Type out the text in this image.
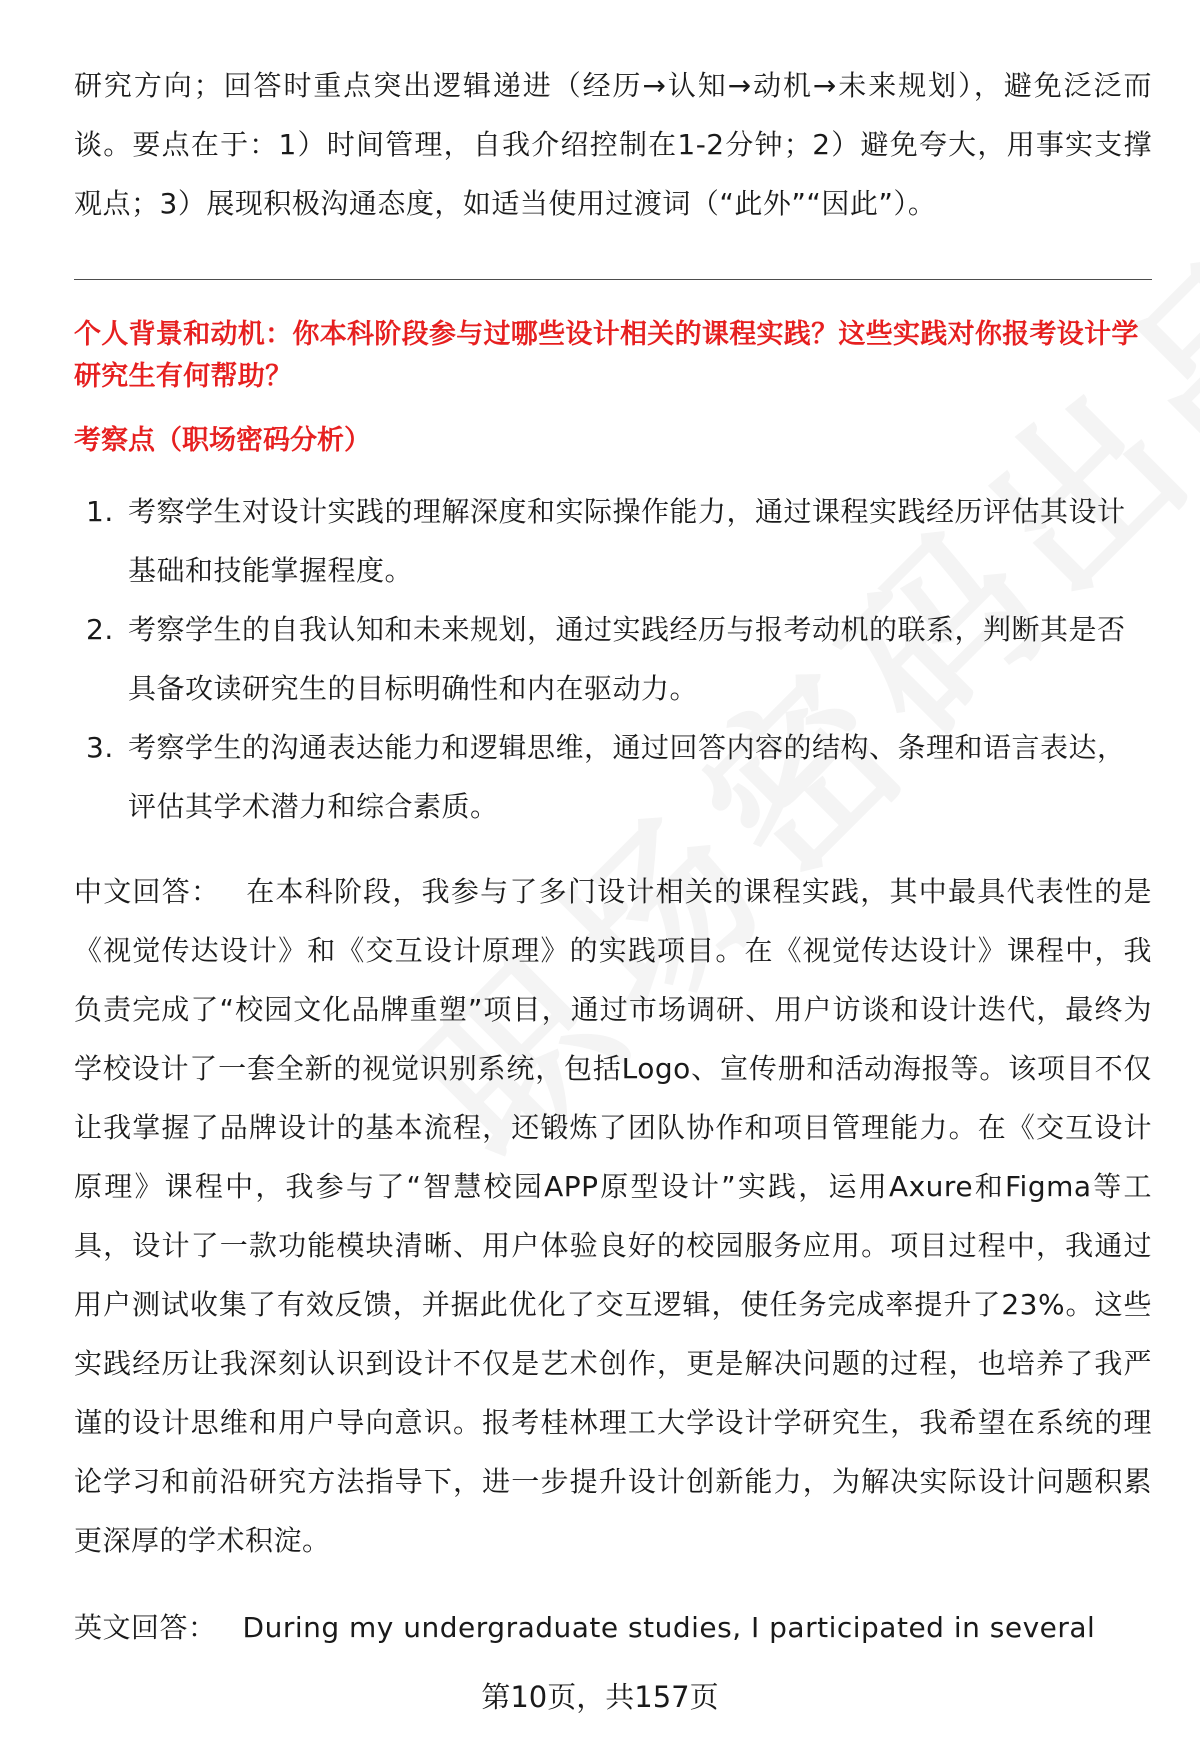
研究方向；回答时重点突出逻辑递进（经历→认知→动机→未来规划），避免泛泛而谈。要点在于：1）时间管理，自我介绍控制在1-2分钟；2）避免夸大，用事实支撑观点；3）展现积极沟通态度，如适当使用过渡词（“此外”“因此”）。

个人背景和动机：你本科阶段参与过哪些设计相关的课程实践？这些实践对你报考设计学研究生有何帮助？

考察点（职场密码分析）

1. 考察学生对设计实践的理解深度和实际操作能力，通过课程实践经历评估其设计基础和技能掌握程度。
2. 考察学生的自我认知和未来规划，通过实践经历与报考动机的联系，判断其是否具备攻读研究生的目标明确性和内在驱动力。
3. 考察学生的沟通表达能力和逻辑思维，通过回答内容的结构、条理和语言表达，评估其学术潜力和综合素质。

中文回答： 在本科阶段，我参与了多门设计相关的课程实践，其中最具代表性的是《视觉传达设计》和《交互设计原理》的实践项目。在《视觉传达设计》课程中，我负责完成了“校园文化品牌重塑”项目，通过市场调研、用户访谈和设计迭代，最终为学校设计了一套全新的视觉识别系统，包括Logo、宣传册和活动海报等。该项目不仅让我掌握了品牌设计的基本流程，还锻炼了团队协作和项目管理能力。在《交互设计原理》课程中，我参与了“智慧校园APP原型设计”实践，运用Axure和Figma等工具，设计了一款功能模块清晰、用户体验良好的校园服务应用。项目过程中，我通过用户测试收集了有效反馈，并据此优化了交互逻辑，使任务完成率提升了23%。这些实践经历让我深刻认识到设计不仅是艺术创作，更是解决问题的过程，也培养了我严谨的设计思维和用户导向意识。报考桂林理工大学设计学研究生，我希望在系统的理论学习和前沿研究方法指导下，进一步提升设计创新能力，为解决实际设计问题积累更深厚的学术积淀。

英文回答： During my undergraduate studies, I participated in several

第10页，共157页
